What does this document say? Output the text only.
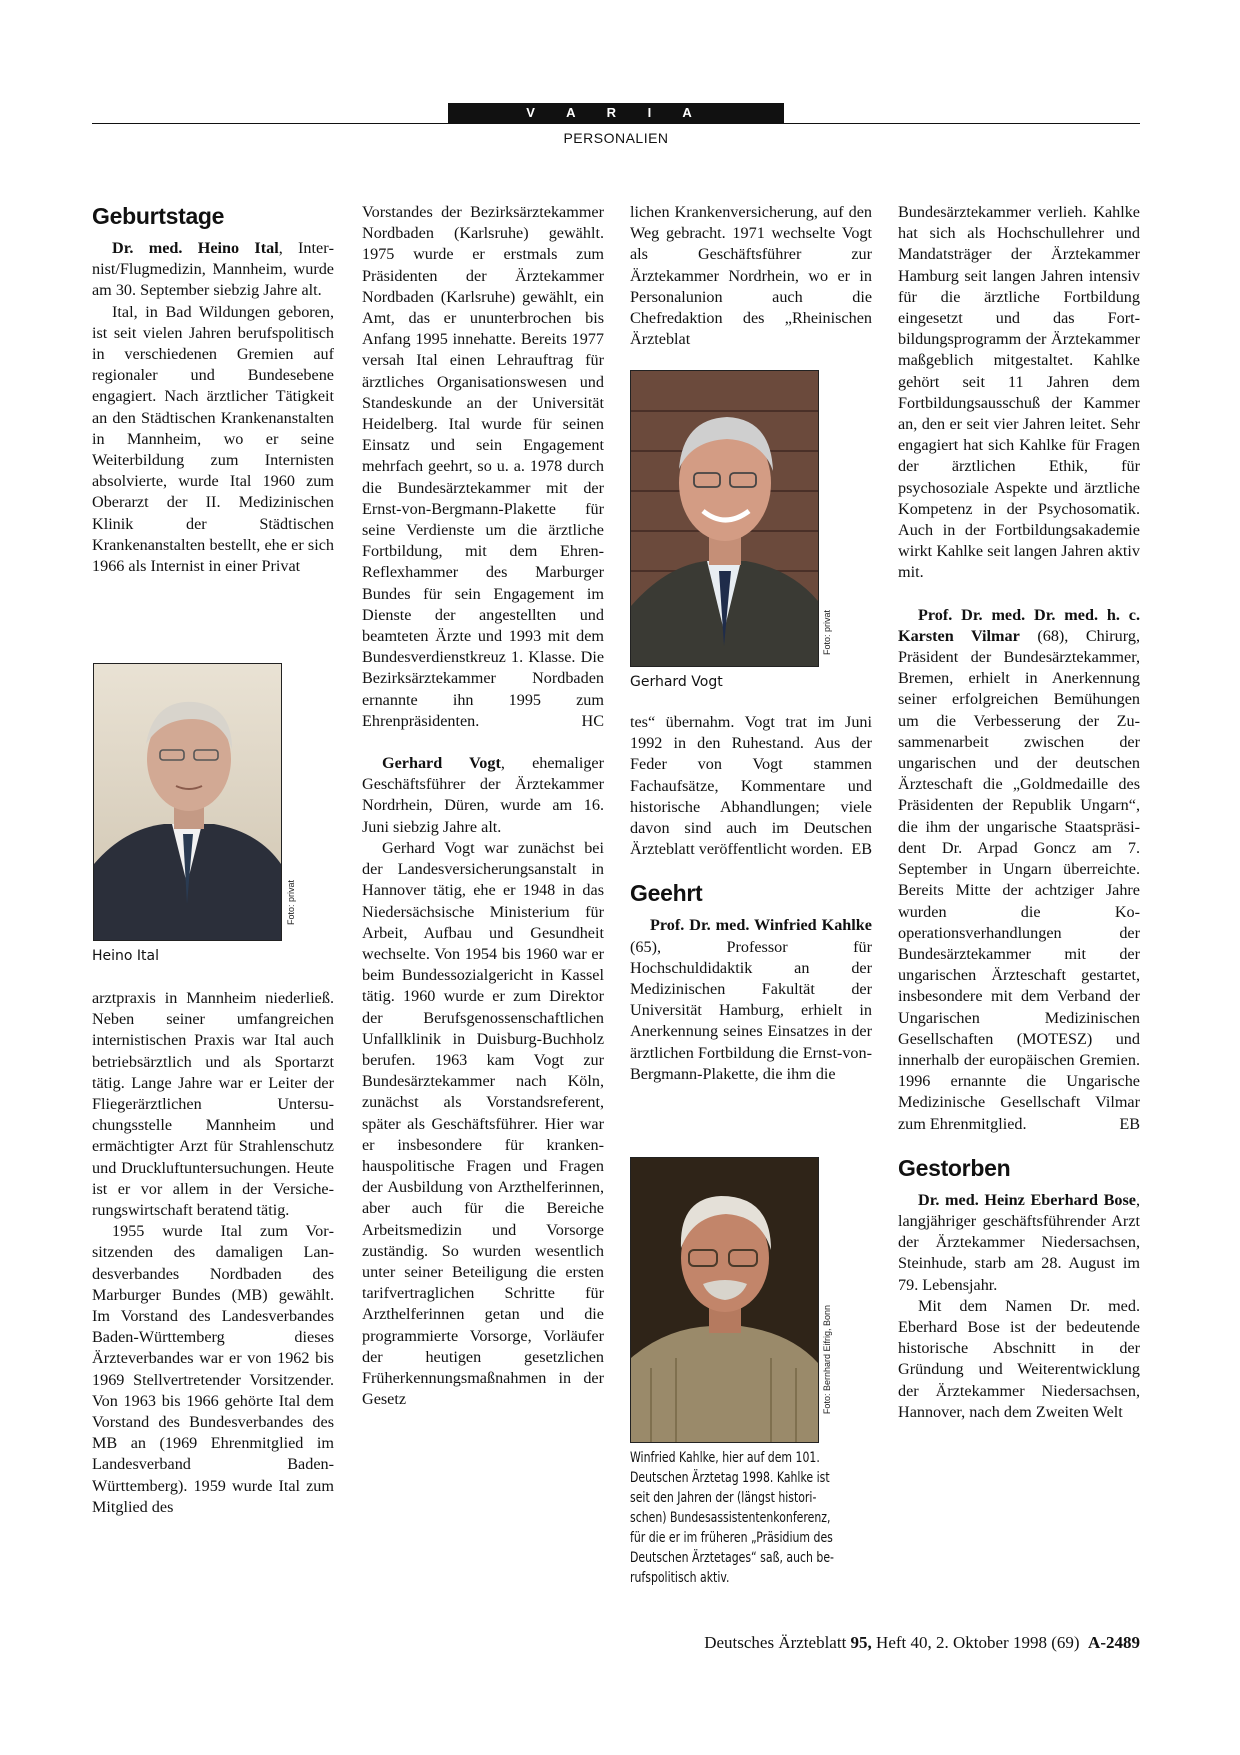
V A R I A
PERSONALIEN
Geburtstage

Dr. med. Heino Ital, Internist/Flugmedizin, Mannheim, wurde am 30. September siebzig Jahre alt.

Ital, in Bad Wildungen geboren, ist seit vielen Jahren berufspolitisch in verschiedenen Gremien auf regionaler und Bundesebene engagiert. Nach ärztlicher Tätigkeit an den Städtischen Krankenanstalten in Mannheim, wo er seine Weiterbildung zum Internisten absolvierte, wurde Ital 1960 zum Oberarzt der II. Medizinischen Klinik der Städtischen Krankenanstalten bestellt, ehe er sich 1966 als Internist in einer Privat

Foto: privat
Heino Ital

arztpraxis in Mannheim niederließ. Neben seiner umfangreichen internistischen Praxis war Ital auch betriebsärztlich und als Sportarzt tätig. Lange Jahre war er Leiter der Fliegerärztlichen Untersuchungsstelle Mannheim und ermächtigter Arzt für Strahlenschutz und Druckluftuntersuchungen. Heute ist er vor allem in der Versicherungswirtschaft beratend tätig.

1955 wurde Ital zum Vorsitzenden des damaligen Landesverbandes Nordbaden des Marburger Bundes (MB) gewählt. Im Vorstand des Landesverbandes Baden-Württemberg dieses Ärzteverbandes war er von 1962 bis 1969 Stellvertretender Vorsitzender. Von 1963 bis 1966 gehörte Ital dem Vorstand des Bundesverbandes des MB an (1969 Ehrenmitglied im Landesverband Baden-Württemberg). 1959 wurde Ital zum Mitglied des

Vorstandes der Bezirksärztekammer Nordbaden (Karlsruhe) gewählt. 1975 wurde er erstmals zum Präsidenten der Ärztekammer Nordbaden (Karlsruhe) gewählt, ein Amt, das er ununterbrochen bis Anfang 1995 innehatte. Bereits 1977 versah Ital einen Lehrauftrag für ärztliches Organisationswesen und Standeskunde an der Universität Heidelberg. Ital wurde für seinen Einsatz und sein Engagement mehrfach geehrt, so u. a. 1978 durch die Bundesärztekammer mit der Ernst-von-Bergmann-Plakette für seine Verdienste um die ärztliche Fortbildung, mit dem EhrenReflexhammer des Marburger Bundes für sein Engagement im Dienste der angestellten und beamteten Ärzte und 1993 mit dem Bundesverdienstkreuz 1. Klasse. Die Bezirksärztekammer Nordbaden ernannte ihn 1995 zum Ehrenpräsidenten.	HC

Gerhard Vogt, ehemaliger Geschäftsführer der Ärztekammer Nordrhein, Düren, wurde am 16. Juni siebzig Jahre alt.

Gerhard Vogt war zunächst bei der Landesversicherungsanstalt in Hannover tätig, ehe er 1948 in das Niedersächsische Ministerium für Arbeit, Aufbau und Gesundheit wechselte. Von 1954 bis 1960 war er beim Bundessozialgericht in Kassel tätig. 1960 wurde er zum Direktor der Berufsgenossenschaftlichen Unfallklinik in Duisburg-Buchholz berufen. 1963 kam Vogt zur Bundesärztekammer nach Köln, zunächst als Vorstandsreferent, später als Geschäftsführer. Hier war er insbesondere für krankenhauspolitische Fragen und Fragen der Ausbildung von Arzthelferinnen, aber auch für die Bereiche Arbeitsmedizin und Vorsorge zuständig. So wurden wesentlich unter seiner Beteiligung die ersten tarifvertraglichen Schritte für Arzthelferinnen getan und die programmierte Vorsorge, Vorläufer der heutigen gesetzlichen Früherkennungsmaßnahmen in der Gesetz

lichen Krankenversicherung, auf den Weg gebracht. 1971 wechselte Vogt als Geschäftsführer zur Ärztekammer Nordrhein, wo er in Personalunion auch die Chefredaktion des „Rheinischen Ärzteblat

Foto: privat
Gerhard Vogt

tes“ übernahm. Vogt trat im Juni 1992 in den Ruhestand. Aus der Feder von Vogt stammen Fachaufsätze, Kommentare und historische Abhandlungen; viele davon sind auch im Deutschen Ärzteblatt veröffentlicht worden. EB

Geehrt

Prof. Dr. med. Winfried Kahlke (65), Professor für Hochschuldidaktik an der Medizinischen Fakultät der Universität Hamburg, erhielt in Anerkennung seines Einsatzes in der ärztlichen Fortbildung die Ernst-von-Bergmann-Plakette, die ihm die

Foto: Bernhard Eifrig, Bonn
Winfried Kahlke, hier auf dem 101.
Deutschen Ärztetag 1998. Kahlke ist
seit den Jahren der (längst histori-
schen) Bundesassistentenkonferenz,
für die er im früheren „Präsidium des
Deutschen Ärztetages“ saß, auch be-
rufspolitisch aktiv.

Bundesärztekammer verlieh. Kahlke hat sich als Hochschullehrer und Mandatsträger der Ärztekammer Hamburg seit langen Jahren intensiv für die ärztliche Fortbildung eingesetzt und das Fortbildungsprogramm der Ärztekammer maßgeblich mitgestaltet. Kahlke gehört seit 11 Jahren dem Fortbildungsausschuß der Kammer an, den er seit vier Jahren leitet. Sehr engagiert hat sich Kahlke für Fragen der ärztlichen Ethik, für psychosoziale Aspekte und ärztliche Kompetenz in der Psychosomatik. Auch in der Fortbildungsakademie wirkt Kahlke seit langen Jahren aktiv mit.

Prof. Dr. med. Dr. med. h. c. Karsten Vilmar (68), Chirurg, Präsident der Bundesärztekammer, Bremen, erhielt in Anerkennung seiner erfolgreichen Bemühungen um die Verbesserung der Zusammenarbeit zwischen der ungarischen und der deutschen Ärzteschaft die „Goldmedaille des Präsidenten der Republik Ungarn“, die ihm der ungarische Staatspräsident Dr. Arpad Goncz am 7. September in Ungarn überreichte. Bereits Mitte der achtziger Jahre wurden die Kooperationsverhandlungen der Bundesärztekammer mit der ungarischen Ärzteschaft gestartet, insbesondere mit dem Verband der Ungarischen Medizinischen Gesellschaften (MOTESZ) und innerhalb der europäischen Gremien. 1996 ernannte die Ungarische Medizinische Gesellschaft Vilmar zum Ehrenmitglied.	EB

Gestorben

Dr. med. Heinz Eberhard Bose, langjähriger geschäftsführender Arzt der Ärztekammer Niedersachsen, Steinhude, starb am 28. August im 79. Lebensjahr.

Mit dem Namen Dr. med. Eberhard Bose ist der bedeutende historische Abschnitt in der Gründung und Weiterentwicklung der Ärztekammer Niedersachsen, Hannover, nach dem Zweiten Welt

Deutsches Ärzteblatt 95, Heft 40, 2. Oktober 1998 (69) A-2489
